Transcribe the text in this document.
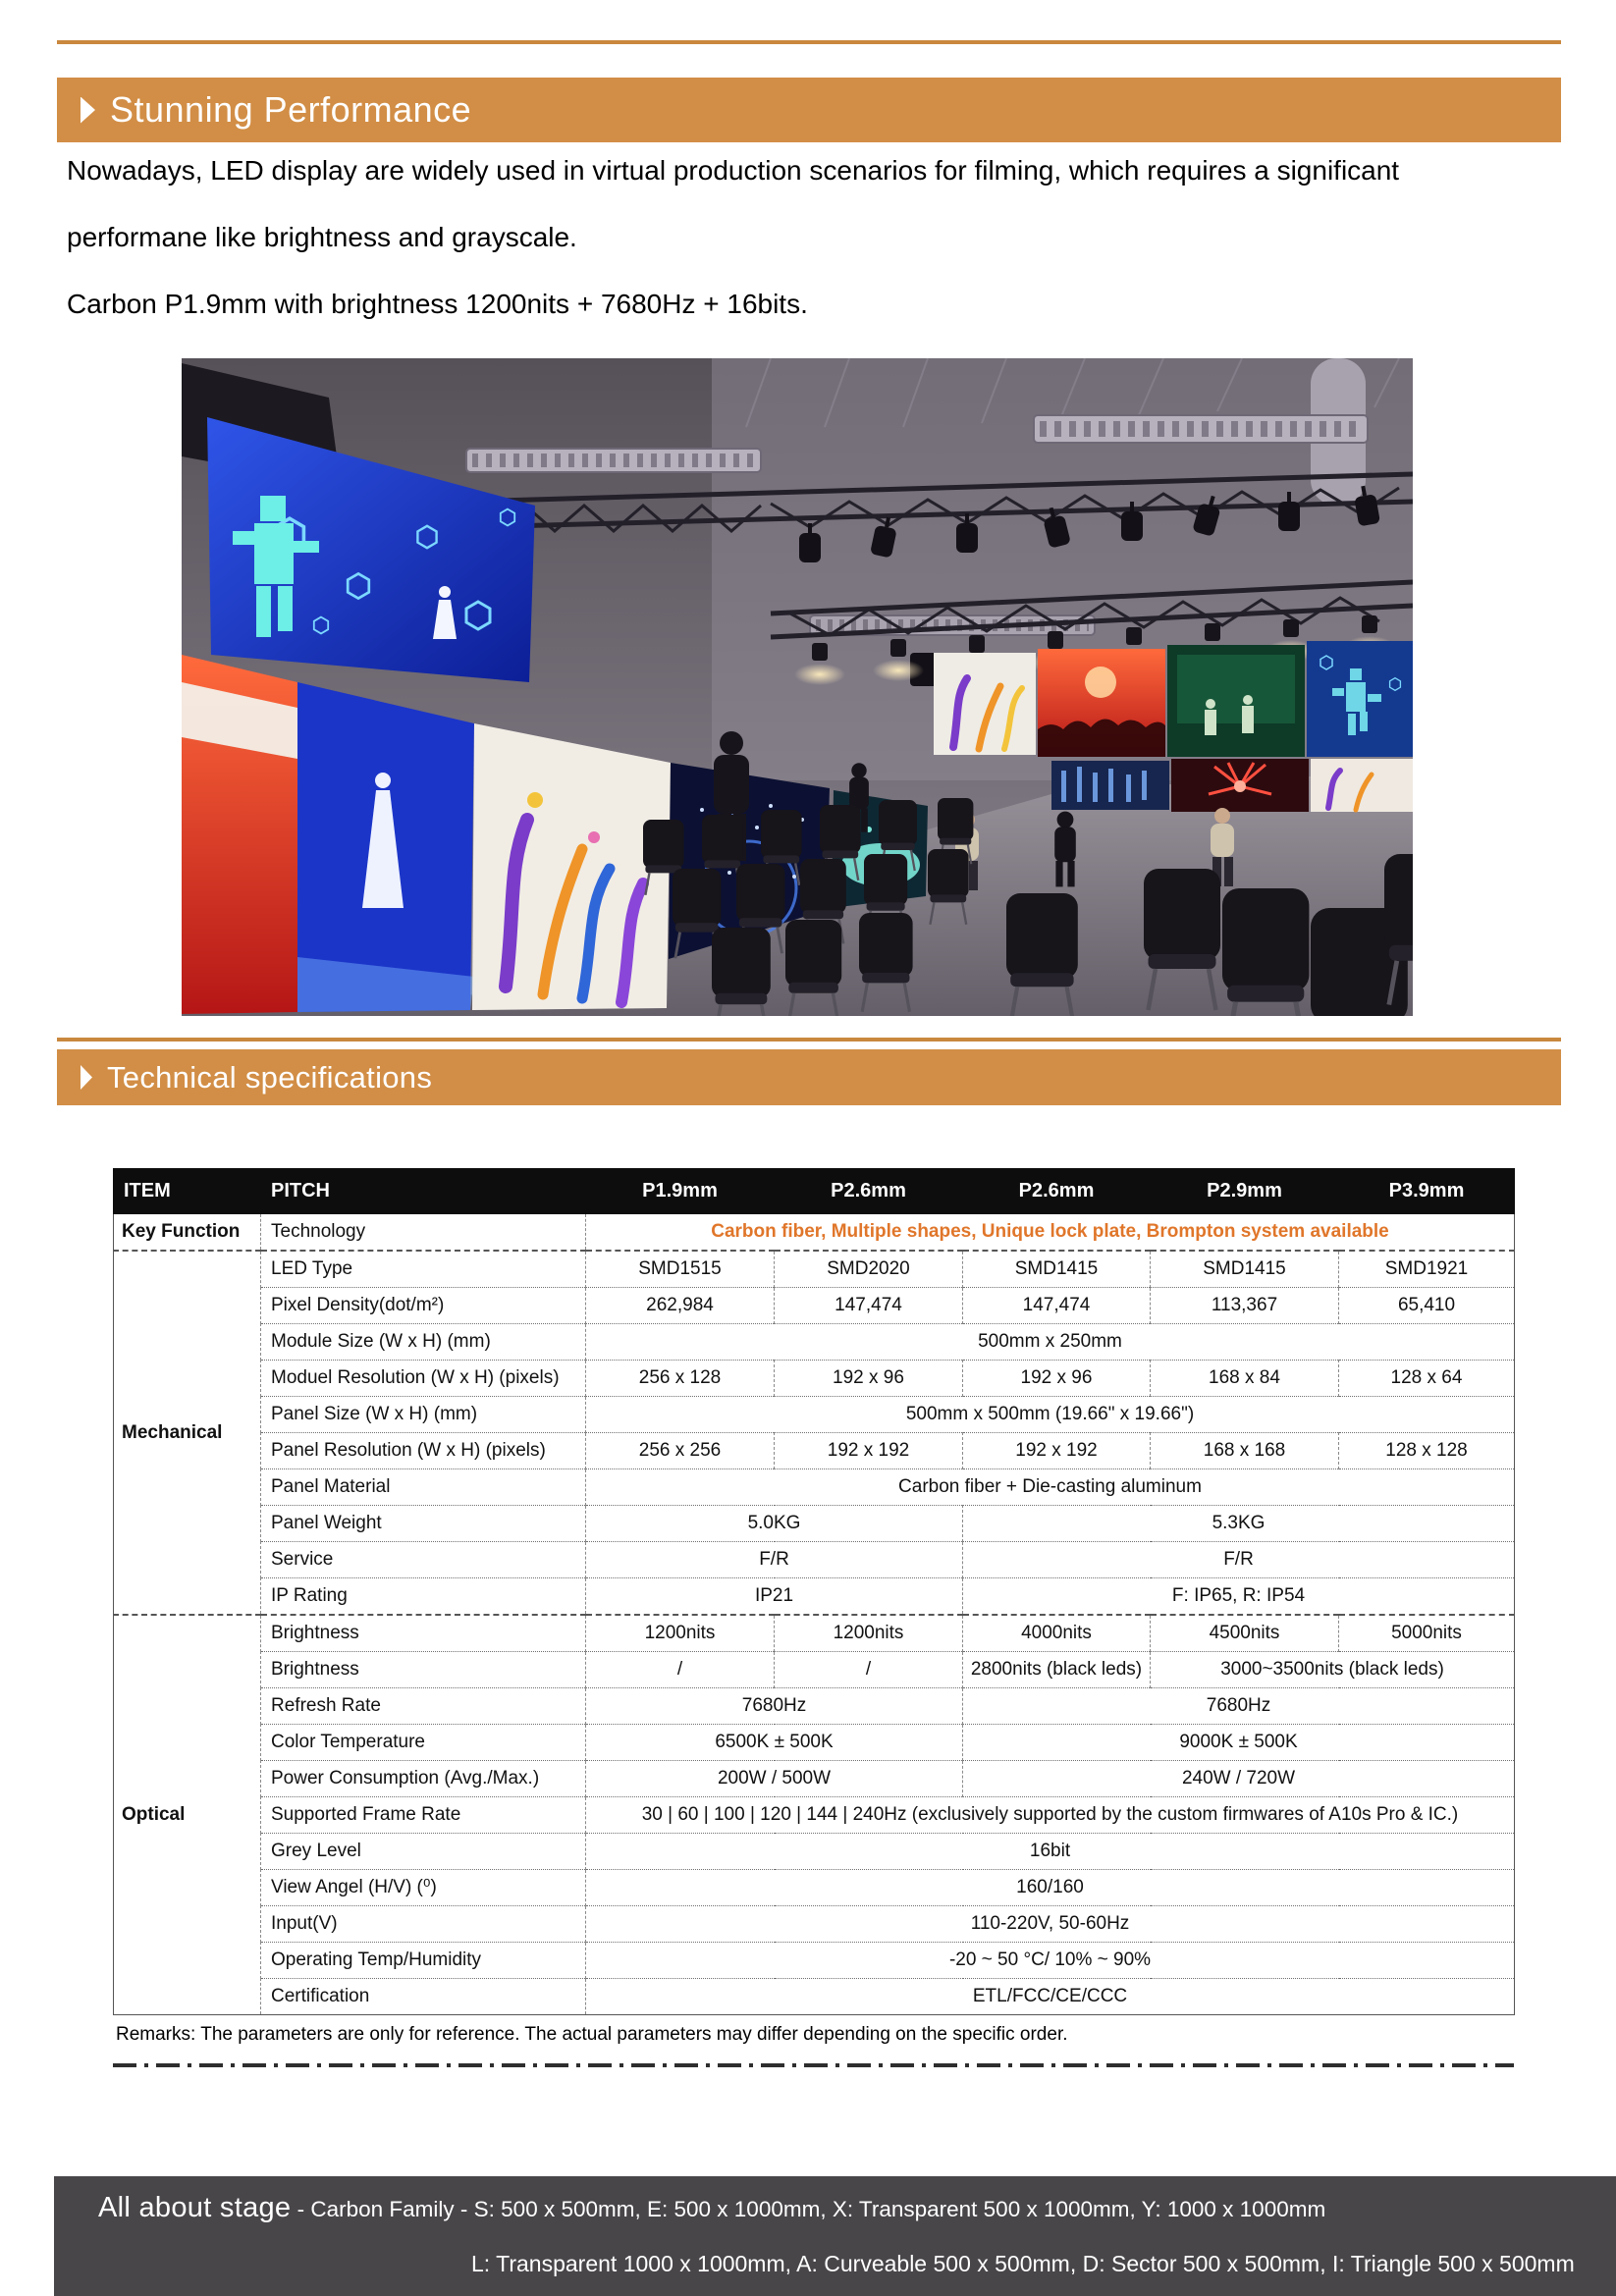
Stunning Performance
Nowadays, LED display are widely used in virtual production scenarios for filming, which requires a significant
performane like brightness and grayscale.
Carbon P1.9mm with brightness 1200nits + 7680Hz + 16bits.
Technical specifications
ITEM	PITCH	P1.9mm	P2.6mm	P2.6mm	P2.9mm	P3.9mm
Key Function	Technology	Carbon fiber, Multiple shapes, Unique lock plate, Brompton system available				
Mechanical	LED Type	SMD1515	SMD2020	SMD1415	SMD1415	SMD1921
	Pixel Density(dot/m²)	262,984	147,474	147,474	113,367	65,410
	Module Size (W x H) (mm)	500mm x 250mm				
	Moduel Resolution (W x H) (pixels)	256 x 128	192 x 96	192 x 96	168 x 84	128 x 64
	Panel Size (W x H) (mm)	500mm x 500mm (19.66" x 19.66")				
	Panel Resolution (W x H) (pixels)	256 x 256	192 x 192	192 x 192	168 x 168	128 x 128
	Panel Material	Carbon fiber + Die-casting aluminum				
	Panel Weight	5.0KG		5.3KG		
	Service	F/R		F/R		
	IP Rating	IP21		F: IP65, R: IP54		
Optical	Brightness	1200nits	1200nits	4000nits	4500nits	5000nits
	Brightness	/	/	2800nits (black leds)	3000~3500nits (black leds)	
	Refresh Rate	7680Hz		7680Hz		
	Color Temperature	6500K ± 500K		9000K ± 500K		
	Power Consumption (Avg./Max.)	200W / 500W		240W / 720W		
	Supported Frame Rate	30 | 60 | 100 | 120 | 144 | 240Hz (exclusively supported by the custom firmwares of A10s Pro & IC.)				
	Grey Level	16bit				
	View Angel (H/V) (⁰)	160/160				
	Input(V)	110-220V, 50-60Hz				
	Operating Temp/Humidity	-20 ~ 50 °C/ 10% ~ 90%				
	Certification	ETL/FCC/CE/CCC				
Remarks: The parameters are only for reference. The actual parameters may differ depending on the specific order.
All about stage - Carbon Family - S: 500 x 500mm, E: 500 x 1000mm, X: Transparent 500 x 1000mm, Y: 1000 x 1000mm
L: Transparent 1000 x 1000mm, A: Curveable 500 x 500mm, D: Sector 500 x 500mm, I: Triangle 500 x 500mm
